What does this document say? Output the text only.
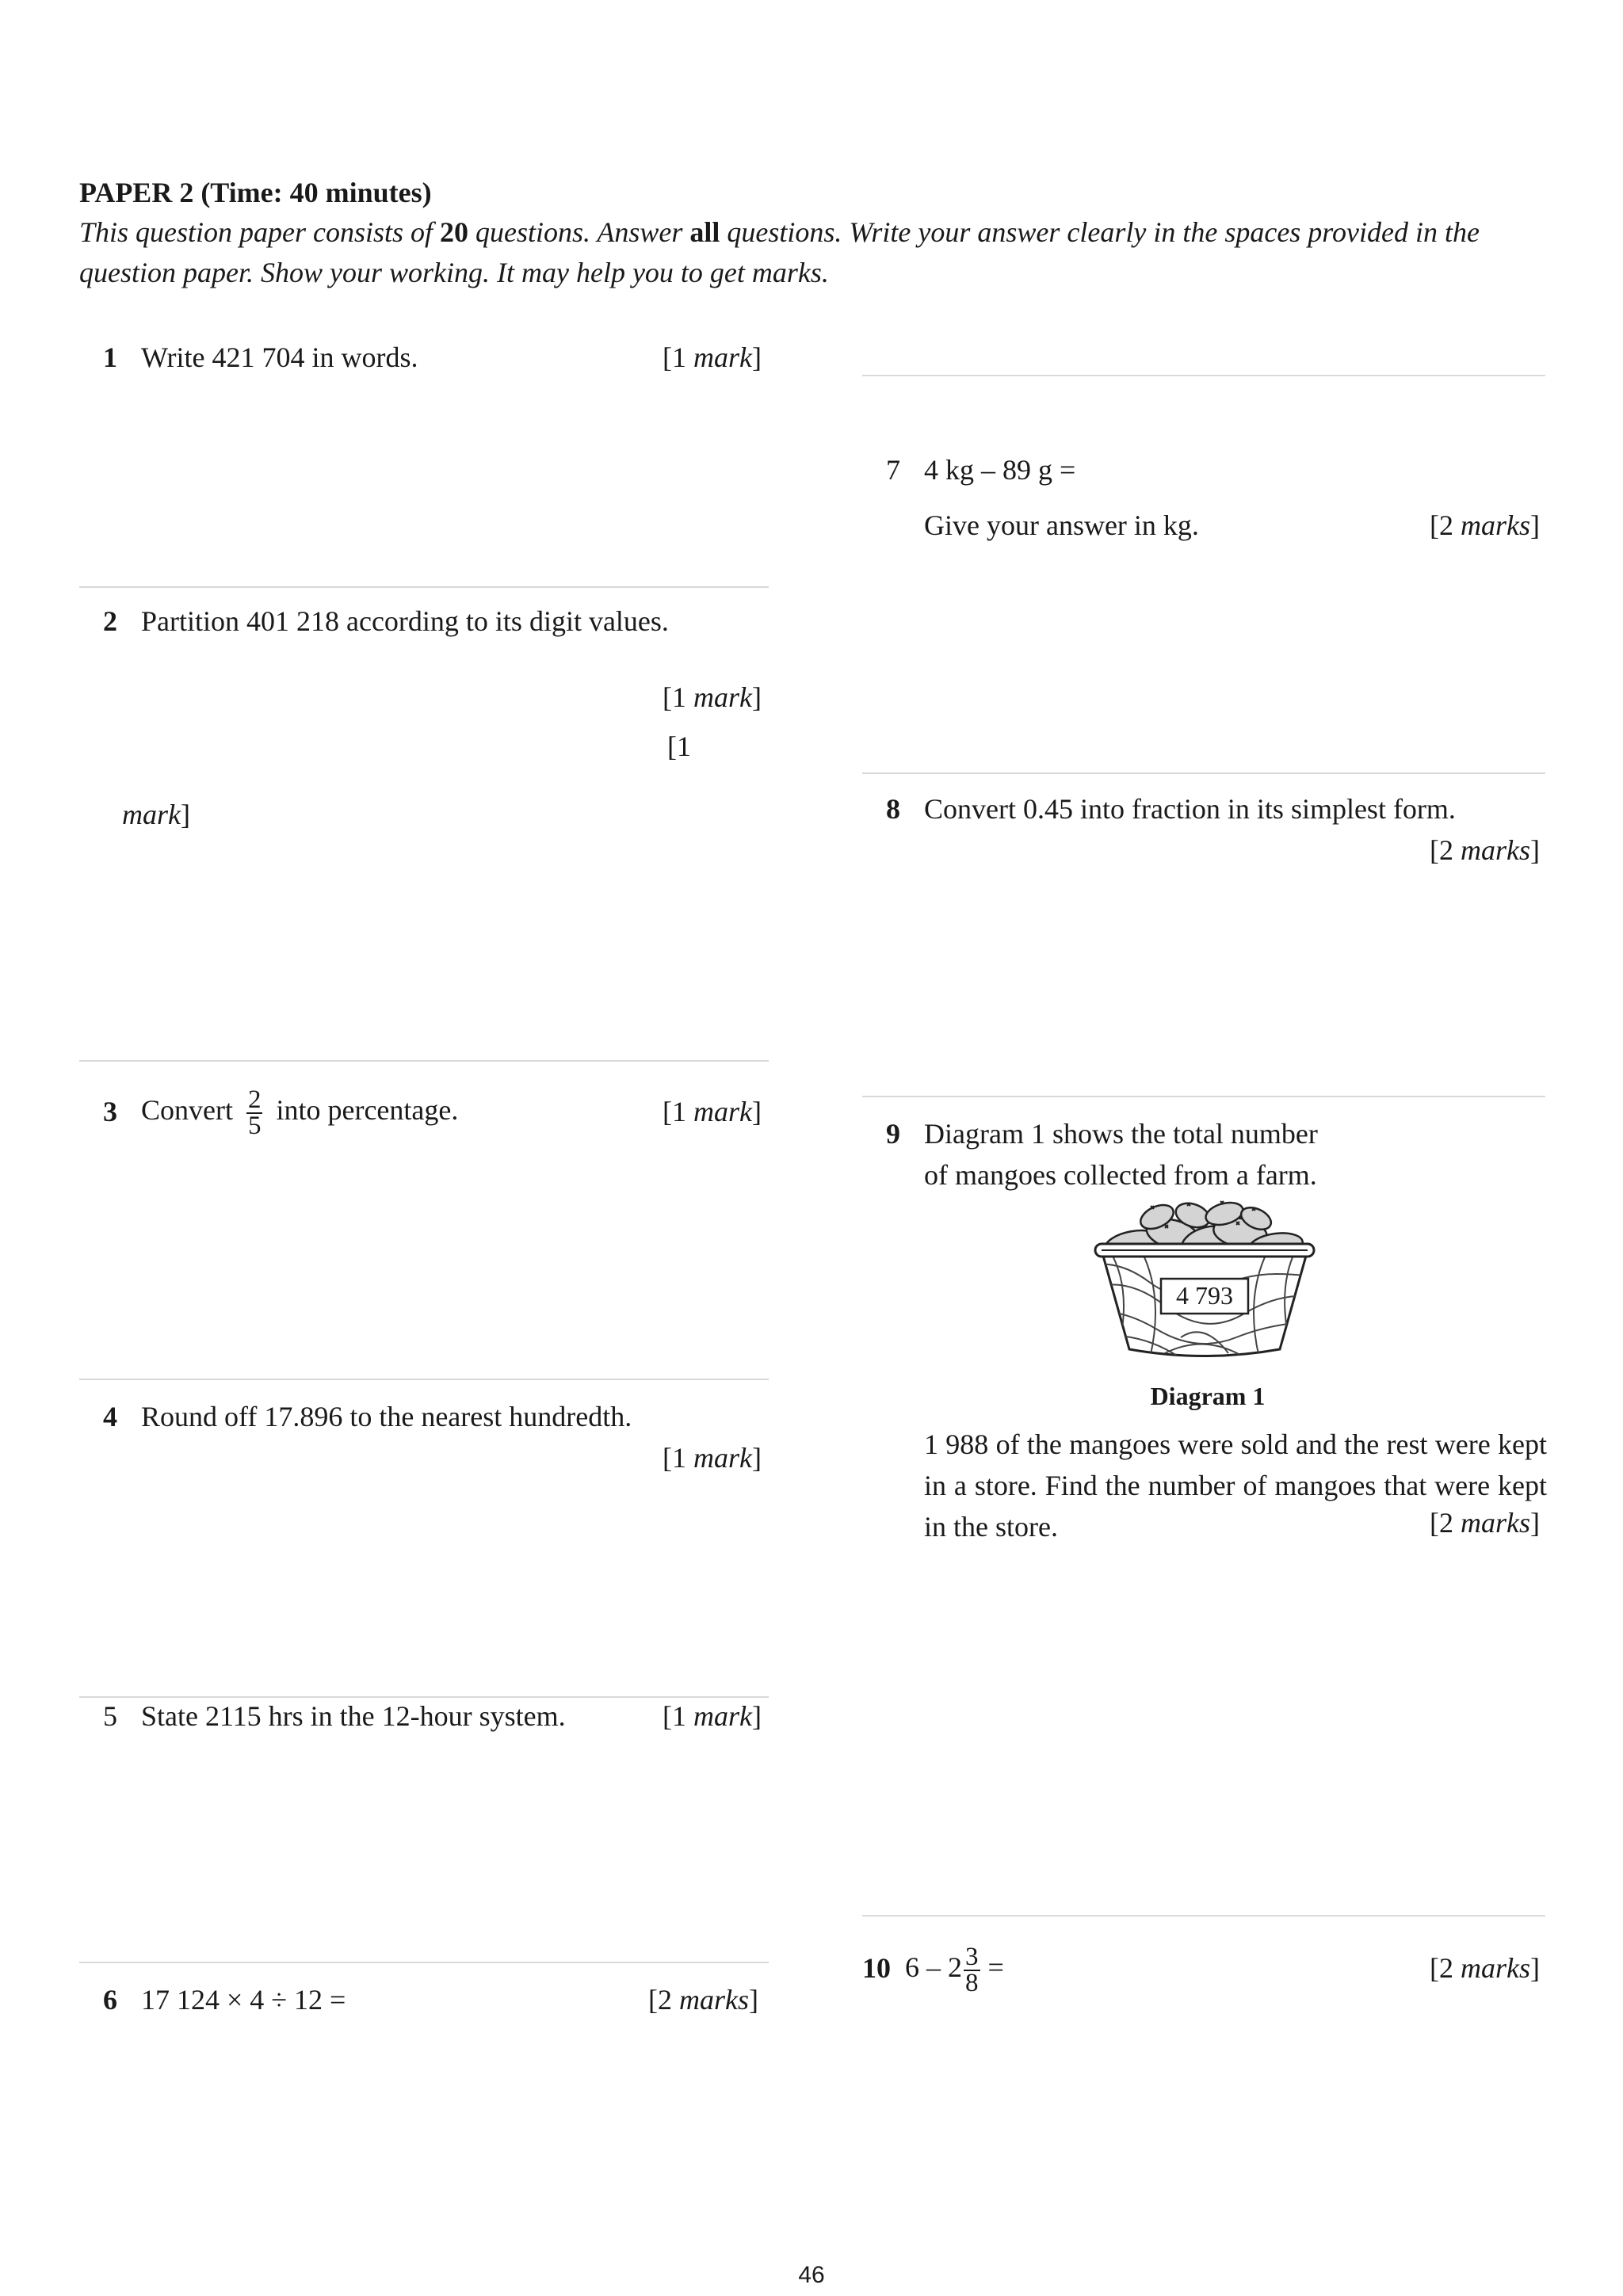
PAPER 2 (Time: 40 minutes)
This question paper consists of 20 questions. Answer all questions. Write your answer clearly in the spaces provided in the question paper. Show your working. It may help you to get marks.
1 Write 421 704 in words.	[1 mark]
2 Partition 401 218 according to its digit values.
[1 mark]
[1
mark]
3 Convert $\frac{2}{5}$ into percentage.	[1 mark]
4 Round off 17.896 to the nearest hundredth.
[1 mark]
5 State 2115 hrs in the 12-hour system.	[1 mark]
6 17 124 × 4 ÷ 12 =	[2 marks]
7 4 kg – 89 g =
Give your answer in kg.	[2 marks]
8 Convert 0.45 into fraction in its simplest form.
[2 marks]
9 Diagram 1 shows the total number of mangoes collected from a farm.
4 793
Diagram 1
1 988 of the mangoes were sold and the rest were kept in a store. Find the number of mangoes that were kept in the store.	[2 marks]
10 $6 - 2 \frac{3}{8}$ =	[2 marks]
46
